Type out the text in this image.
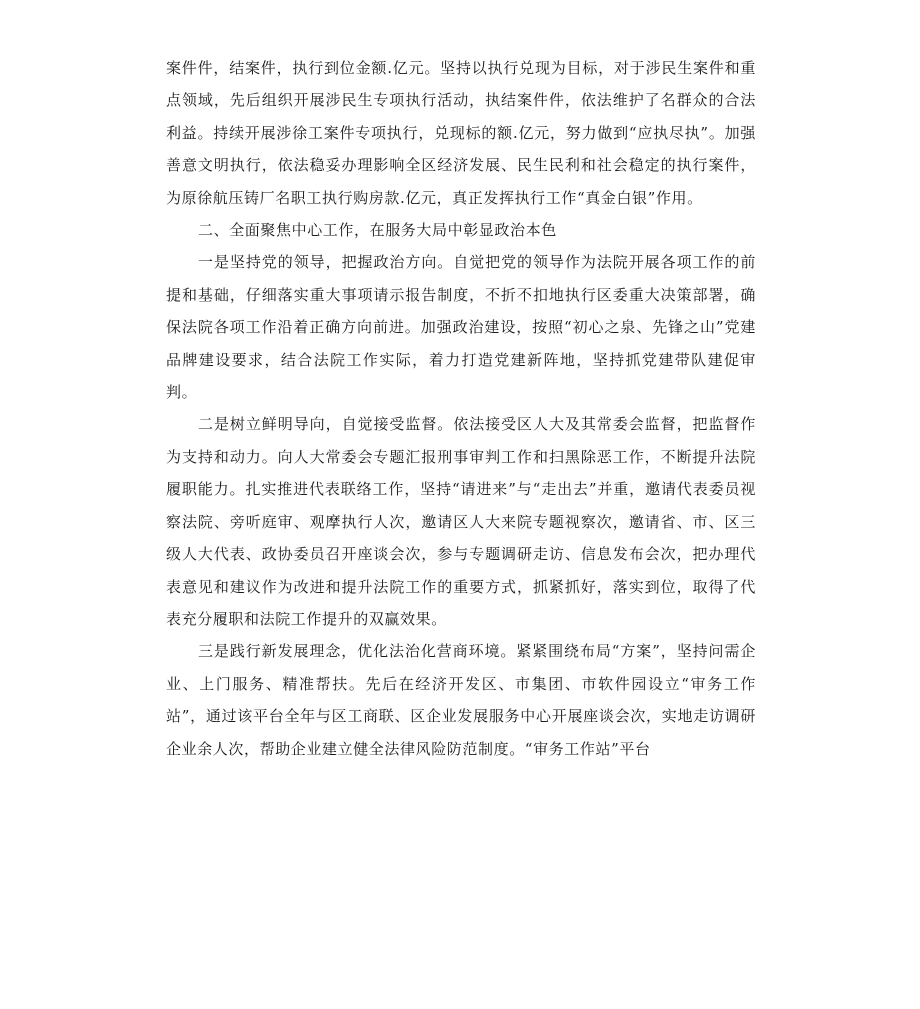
案件件，结案件，执行到位金额.亿元。坚持以执行兑现为目标，对于涉民生案件和重点领域，先后组织开展涉民生专项执行活动，执结案件件，依法维护了名群众的合法利益。持续开展涉徐工案件专项执行，兑现标的额.亿元，努力做到“应执尽执”。加强善意文明执行，依法稳妥办理影响全区经济发展、民生民利和社会稳定的执行案件，为原徐航压铸厂名职工执行购房款.亿元，真正发挥执行工作“真金白银”作用。

二、全面聚焦中心工作，在服务大局中彰显政治本色

一是坚持党的领导，把握政治方向。自觉把党的领导作为法院开展各项工作的前提和基础，仔细落实重大事项请示报告制度，不折不扣地执行区委重大决策部署，确保法院各项工作沿着正确方向前进。加强政治建设，按照“初心之泉、先锋之山”党建品牌建设要求，结合法院工作实际，着力打造党建新阵地，坚持抓党建带队建促审判。

二是树立鲜明导向，自觉接受监督。依法接受区人大及其常委会监督，把监督作为支持和动力。向人大常委会专题汇报刑事审判工作和扫黑除恶工作，不断提升法院履职能力。扎实推进代表联络工作，坚持“请进来”与“走出去”并重，邀请代表委员视察法院、旁听庭审、观摩执行人次，邀请区人大来院专题视察次，邀请省、市、区三级人大代表、政协委员召开座谈会次，参与专题调研走访、信息发布会次，把办理代表意见和建议作为改进和提升法院工作的重要方式，抓紧抓好，落实到位，取得了代表充分履职和法院工作提升的双赢效果。

三是践行新发展理念，优化法治化营商环境。紧紧围绕布局“方案”，坚持问需企业、上门服务、精准帮扶。先后在经济开发区、市集团、市软件园设立“审务工作站”，通过该平台全年与区工商联、区企业发展服务中心开展座谈会次，实地走访调研企业余人次，帮助企业建立健全法律风险防范制度。“审务工作站”平台
